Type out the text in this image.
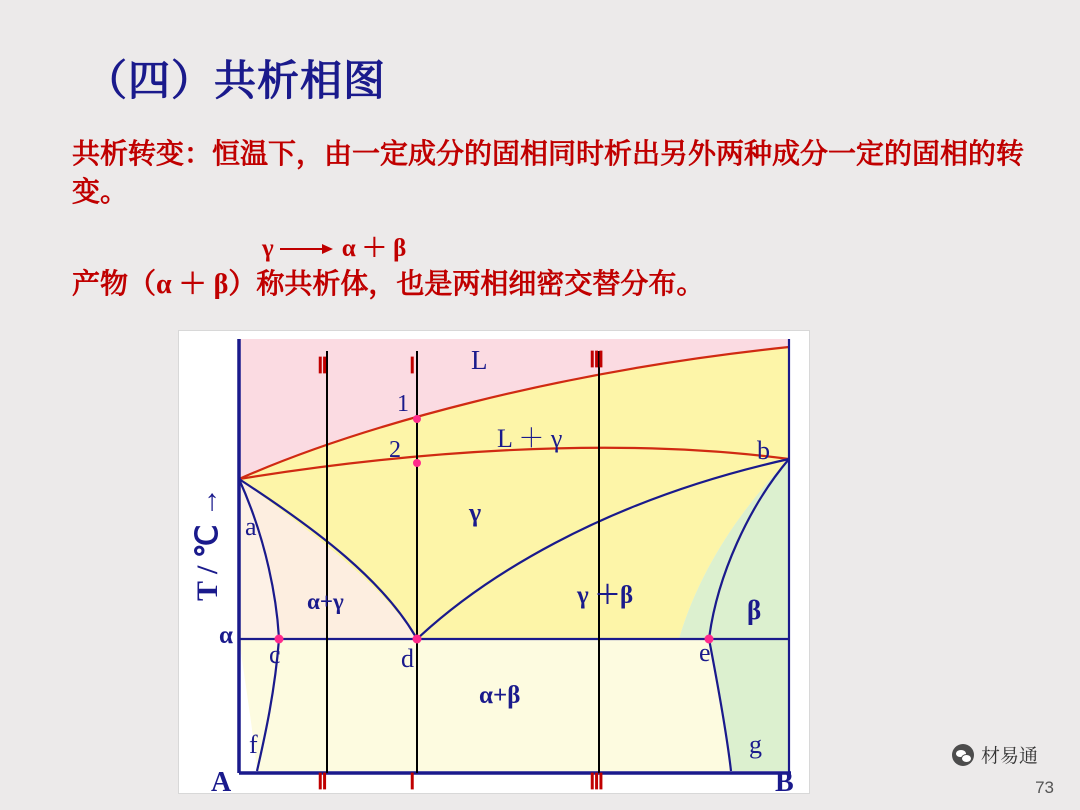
（四）共析相图
共析转变：恒温下，由一定成分的固相同时析出另外两种成分一定的固相的转变。
γ	α ＋ β
产物（α ＋ β）称共析体，也是两相细密交替分布。
T / ℃ →
L
L ＋ γ
γ
α+γ	γ ＋β
α+β
α
β
a
b
c	d	e
f	g
1
2
Ⅱ	Ⅰ	Ⅲ
Ⅱ	Ⅰ	Ⅲ
A	B
材易通
73
